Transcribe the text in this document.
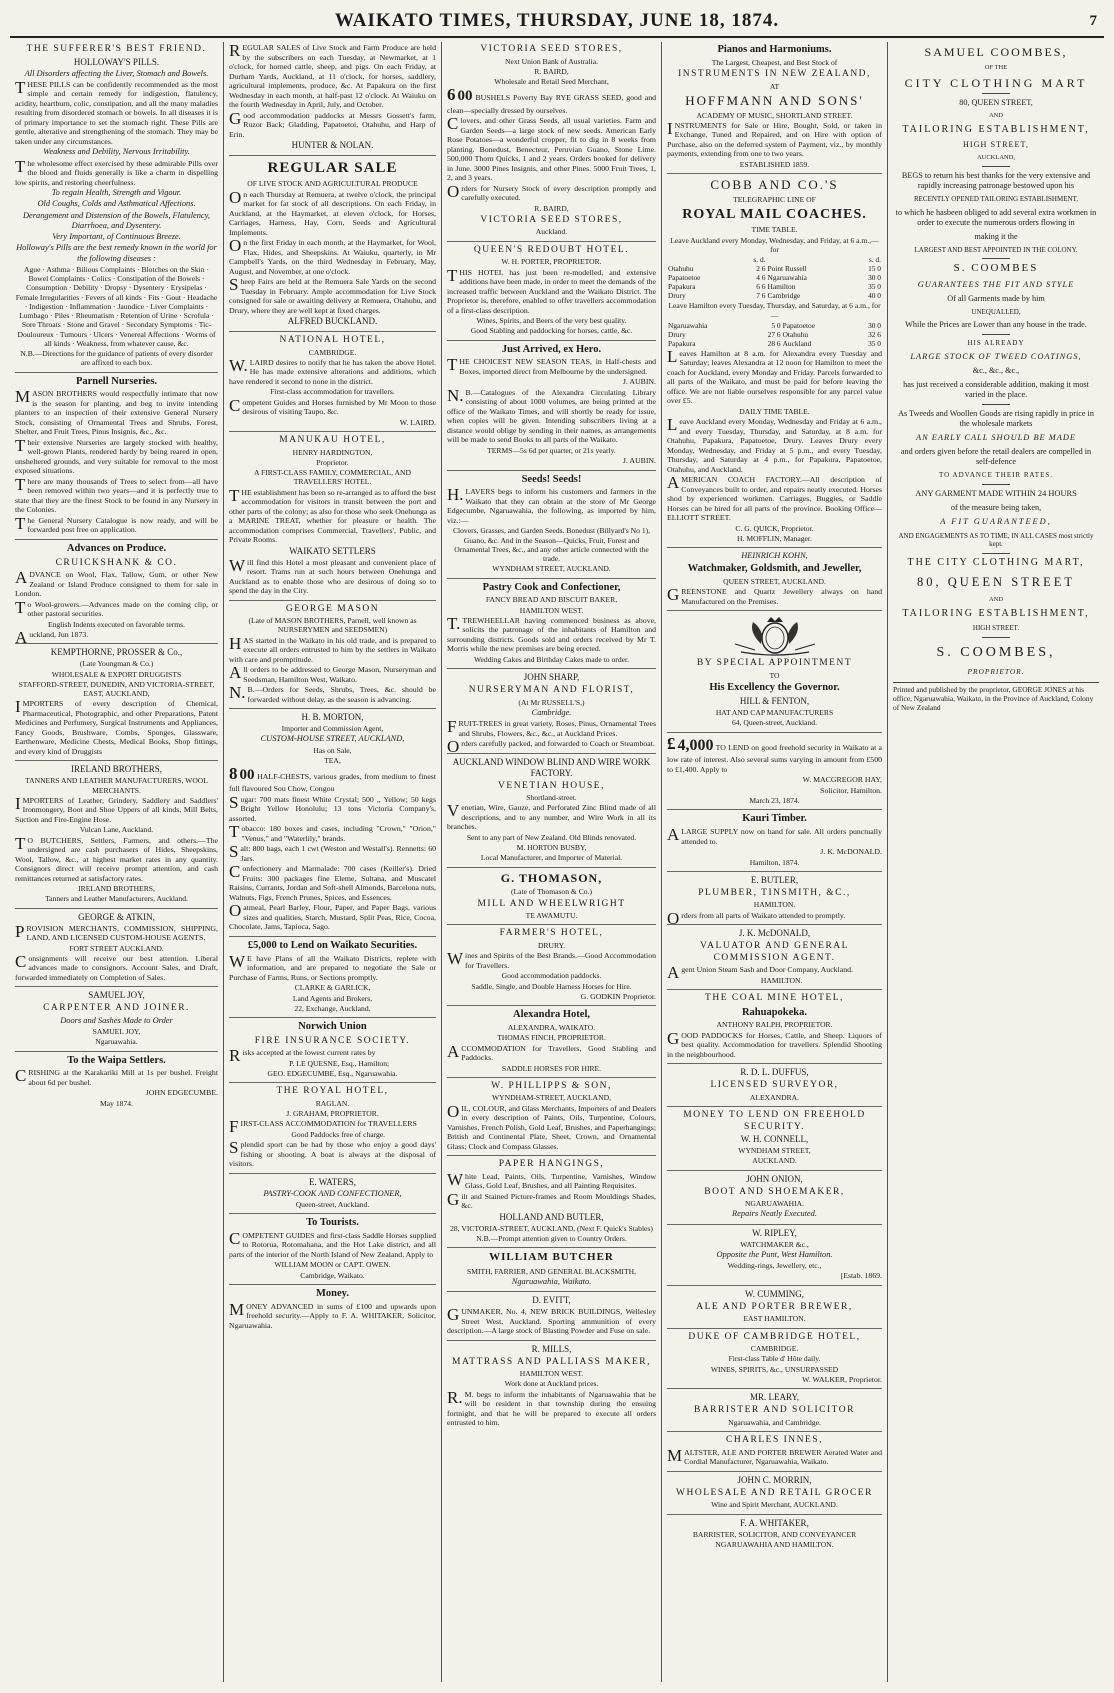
WAIKATO TIMES, THURSDAY, JUNE 18, 1874.	7
THE SUFFERER'S BEST FRIEND.
HOLLOWAY'S PILLS.
All Disorders affecting the Liver, Stomach and Bowels.
THESE PILLS can be confidently recommended as the most simple and certain remedy for indigestion, flatulency, acidity, heartburn, colic, constipation, and all the many maladies resulting from disordered stomach or bowels. In all diseases it is of primary importance to set the stomach right. These Pills are gentle, alterative and strengthening of the stomach. They may be taken under any circumstances.
Weakness and Debility, Nervous Irritability.
The wholesome effect exercised by these admirable Pills over the blood and fluids generally is like a charm in dispelling low spirits, and restoring cheerfulness.
To regain Health, Strength and Vigour.
Old Coughs, Colds and Asthmatical Affections.
Derangement and Distension of the Bowels, Flatulency, Diarrhoea, and Dysentery.
Very Important, of Continuous Breeze.
Holloway's Pills are the best remedy known in the world for the following diseases :
Ague · Asthma · Bilious Complaints · Blotches on the Skin · Bowel Complaints · Colics · Constipation of the Bowels · Consumption · Debility · Dropsy · Dysentery · Erysipelas · Female Irregularities · Fevers of all kinds · Fits · Gout · Headache · Indigestion · Inflammation · Jaundice · Liver Complaints · Lumbago · Piles · Rheumatism · Retention of Urine · Scrofula · Sore Throats · Stone and Gravel · Secondary Symptoms · Tic-Douloureux · Tumours · Ulcers · Venereal Affections · Worms of all kinds · Weakness, from whatever cause, &c.
N.B.—Directions for the guidance of patients of every disorder are affixed to each box.
Parnell Nurseries.
MASON BROTHERS would respectfully intimate that now is the season for planting, and beg to invite intending planters to an inspection of their extensive General Nursery Stock, consisting of Ornamental Trees and Shrubs, Forest, Shelter, and Fruit Trees, Pinus Insignis, &c., &c.
Their extensive Nurseries are largely stocked with healthy, well-grown Plants, rendered hardy by being reared in open, unsheltered grounds, and very suitable for removal to the most exposed situations.
There are many thousands of Trees to select from—all have been removed within two years—and it is perfectly true to state that they are the finest Stock to be found in any Nursery in the Colonies.
The General Nursery Catalogue is now ready, and will be forwarded post free on application.
Advances on Produce.
CRUICKSHANK & CO.
ADVANCE on Wool, Flax, Tallow, Gum, or other New Zealand or Island Produce consigned to them for sale in London.
To Wool-growers.—Advances made on the coming clip, or other pastoral securities.
English Indents executed on favorable terms.
Auckland, Jun 1873.
KEMPTHORNE, PROSSER & Co.,
(Late Youngman & Co.)
WHOLESALE & EXPORT DRUGGISTS
STAFFORD-STREET, DUNEDIN, AND VICTORIA-STREET, EAST, AUCKLAND,
IMPORTERS of every description of Chemical, Pharmaceutical, Photographic, and other Preparations, Patent Medicines and Perfumery, Surgical Instruments and Appliances, Fancy Goods, Brushware, Combs, Sponges, Glassware, Earthenware, Medicine Chests, Medical Books, Shop fittings, and every kind of Druggists
IRELAND BROTHERS,
TANNERS AND LEATHER MANUFACTURERS, WOOL MERCHANTS.
IMPORTERS of Leather, Grindery, Saddlery and Saddlers' Ironmongery, Boot and Shoe Uppers of all kinds, Mill Belts, Suction and Fire-Engine Hose.
Vulcan Lane, Auckland.
TO BUTCHERS, Settlers, Farmers, and others.—The undersigned are cash purchasers of Hides, Sheepskins, Wool, Tallow, &c., at highest market rates in any quantity. Consignors direct will receive prompt attention, and cash remittances returned at satisfactory rates.
IRELAND BROTHERS,
Tanners and Leather Manufacturers, Auckland.
GEORGE & ATKIN,
PROVISION MERCHANTS, COMMISSION, SHIPPING, LAND, AND LICENSED CUSTOM-HOUSE AGENTS,
FORT STREET AUCKLAND.
Consignments will receive our best attention. Liberal advances made to consignors. Account Sales, and Draft, forwarded immediately on Completion of Sales.
SAMUEL JOY,
CARPENTER AND JOINER.
Doors and Sashes Made to Order
SAMUEL JOY,
Ngaruawahia.
To the Waipa Settlers.
CRISHING at the Karakariki Mill at 1s per bushel. Freight about 6d per bushel.
JOHN EDGECUMBE.
May 1874.
REGULAR SALES of Live Stock and Farm Produce are held by the subscribers on each Tuesday, at Newmarket, at 1 o'clock, for horned cattle, sheep, and pigs. On each Friday, at Durham Yards, Auckland, at 11 o'clock, for horses, saddlery, agricultural implements, produce, &c. At Papakura on the first Wednesday in each month, at half-past 12 o'clock. At Waiuku on the fourth Wednesday in April, July, and October.
Good accommodation paddocks at Messrs Gossett's farm, Ruzor Back; Gladding, Papatoetoi, Otahuhu, and Harp of Erin.
HUNTER & NOLAN.
REGULAR SALE
OF LIVE STOCK AND AGRICULTURAL PRODUCE
On each Thursday at Remuera, at twelve o'clock, the principal market for fat stock of all descriptions. On each Friday, in Auckland, at the Haymarket, at eleven o'clock, for Horses, Carriages, Harness, Hay, Corn, Seeds and Agricultural Implements.
On the first Friday in each month, at the Haymarket, for Wool, Flax, Hides, and Sheepskins. At Waiuku, quarterly, in Mr Campbell's Yards, on the third Wednesday in February, May, August, and November, at one o'clock.
Sheep Fairs are held at the Remuera Sale Yards on the second Tuesday in February. Ample accommodation for Live Stock consigned for sale or awaiting delivery at Remuera, Otahuhu, and Drury, where they are well kept at fixed charges.
ALFRED BUCKLAND.
NATIONAL HOTEL,
CAMBRIDGE.
W.LAIRD desires to notify that he has taken the above Hotel. He has made extensive alterations and additions, which have rendered it second to none in the district.
First-class accommodation for travellers.
Competent Guides and Horses furnished by Mr Moon to those desirous of visiting Taupo, &c.
W. LAIRD.
MANUKAU HOTEL,
HENRY HARDINGTON,
Proprietor.
A FIRST-CLASS FAMILY, COMMERCIAL, AND TRAVELLERS' HOTEL.
THE establishment has been so re-arranged as to afford the best accommodation for visitors in transit between the port and other parts of the colony; as also for those who seek Onehunga as a MARINE TREAT, whether for pleasure or health. The accommodation comprises Commercial, Travellers', Public, and Private Rooms.
WAIKATO SETTLERS
Will find this Hotel a most pleasant and convenient place of resort. Trams run at such hours between Onehunga and Auckland as to enable those who are desirous of doing so to spend the day in the City.
GEORGE MASON
(Late of MASON BROTHERS, Parnell, well known as NURSERYMEN and SEEDSMEN)
HAS started in the Waikato in his old trade, and is prepared to execute all orders entrusted to him by the settlers in Waikato with care and promptitude.
All orders to be addressed to George Mason, Nurseryman and Seedsman, Hamilton West, Waikato.
N.B.—Orders for Seeds, Shrubs, Trees, &c. should be forwarded without delay, as the season is advancing.
H. B. MORTON,
Importer and Commission Agent,
CUSTOM-HOUSE STREET, AUCKLAND,
Has on Sale,
TEA,
800 HALF-CHESTS, various grades, from medium to finest full flavoured Sou Chow, Congou
Sugar: 700 mats finest White Crystal; 500 ,, Yellow; 50 kegs Bright Yellow Honolulu; 13 tons Victoria Company's, assorted.
Tobacco: 180 boxes and cases, including "Crown," "Orion," "Venus," and "Waterlily," brands.
Salt: 800 bags, each 1 cwt (Weston and Westall's). Rennetts: 60 Jars.
Confectionery and Marmalade: 700 cases (Keiller's). Dried Fruits: 300 packages fine Eleme, Sultana, and Muscatel Raisins, Currants, Jordan and Soft-shell Almonds, Barcelona nuts, Walnuts, Figs, French Prunes, Spices, and Essences.
Oatmeal, Pearl Barley, Flour, Paper, and Paper Bags, various sizes and qualities, Starch, Mustard, Split Peas, Rice, Cocoa, Chocolate, Jams, Tapioca, Sago.
£5,000 to Lend on Waikato Securities.
WE have Plans of all the Waikato Districts, replete with information, and are prepared to negotiate the Sale or Purchase of Farms, Runs, or Sections promptly.
CLARKE & GARLICK,
Land Agents and Brokers,
22, Exchange, Auckland.
Norwich Union
FIRE INSURANCE SOCIETY.
Risks accepted at the lowest current rates by
P. LE QUESNE, Esq., Hamilton;
GEO. EDGECUMBE, Esq., Ngaruawahia.
THE ROYAL HOTEL,
RAGLAN.
J. GRAHAM, PROPRIETOR.
FIRST-CLASS ACCOMMODATION for TRAVELLERS
Good Paddocks free of charge.
Splendid sport can be had by those who enjoy a good days' fishing or shooting. A boat is always at the disposal of visitors.
E. WATERS,
PASTRY-COOK AND CONFECTIONER,
Queen-street, Auckland.
To Tourists.
COMPETENT GUIDES and first-class Saddle Horses supplied to Rotorua, Rotomahana, and the Hot Lake district, and all parts of the interior of the North Island of New Zealand. Apply to
WILLIAM MOON or CAPT. OWEN.
Cambridge, Waikato.
Money.
MONEY ADVANCED in sums of £100 and upwards upon freehold security.—Apply to F. A. WHITAKER, Solicitor, Ngaruawahia.
VICTORIA SEED STORES,
Next Union Bank of Australia.
R. BAIRD,
Wholesale and Retail Seed Merchant,
600 BUSHELS Poverty Bay RYE GRASS SEED, good and clean—specially dressed by ourselves.
Clovers, and other Grass Seeds, all usual varieties. Farm and Garden Seeds—a large stock of new seeds. American Early Rose Potatoes—a wonderful cropper, fit to dig in 8 weeks from planting. Bonedust, Benecteur, Peruvian Guano, Stone Lime. 500,000 Thorn Quicks, 1 and 2 years. Orders booked for delivery in June. 3000 Pines Insignis, and other Pines. 5000 Fruit Trees, 1, 2, and 3 years.
Orders for Nursery Stock of every description promptly and carefully executed.
R. BAIRD,
VICTORIA SEED STORES,
Auckland.
QUEEN'S REDOUBT HOTEL.
W. H. PORTER, PROPRIETOR.
THIS HOTEL has just been re-modelled, and extensive additions have been made, in order to meet the demands of the increased traffic between Auckland and the Waikato District. The Proprietor is, therefore, enabled to offer travellers accommodation of a first-class description.
Wines, Spirits, and Beers of the very best quality.
Good Stabling and paddocking for horses, cattle, &c.
Just Arrived, ex Hero.
THE CHOICEST NEW SEASON TEAS, in Half-chests and Boxes, imported direct from Melbourne by the undersigned.
J. AUBIN.
N.B.—Catalogues of the Alexandra Circulating Library consisting of about 1000 volumes, are being printed at the office of the Waikato Times, and will shortly be ready for issue, when copies will be given. Intending subscribers living at a distance would oblige by sending in their names, as arrangements will be made to send Books to all parts of the Waikato.
TERMS—5s 6d per quarter, or 21s yearly.
J. AUBIN.
Seeds! Seeds!
H.LAVERS begs to inform his customers and farmers in the Waikato that they can obtain at the store of Mr George Edgecumbe, Ngaruawahia, the following, as imported by him, viz.:—
Clovers, Grasses, and Garden Seeds. Bonedust (Billyard's No 1), Guano, &c. And in the Season—Quicks, Fruit, Forest and Ornamental Trees, &c., and any other article connected with the trade.
WYNDHAM STREET, AUCKLAND.
Pastry Cook and Confectioner,
FANCY BREAD AND BISCUIT BAKER,
HAMILTON WEST.
T.TREWHEELLAR having commenced business as above, solicits the patronage of the inhabitants of Hamilton and surrounding districts. Goods sold and orders received by Mr T. Morris while the new premises are being erected.
Wedding Cakes and Birthday Cakes made to order.
JOHN SHARP,
NURSERYMAN AND FLORIST,
(At Mr RUSSELL'S,)
Cambridge.
FRUIT-TREES in great variety, Roses, Pinus, Ornamental Trees and Shrubs, Flowers, &c., &c., at Auckland Prices.
Orders carefully packed, and forwarded to Coach or Steamboat.
AUCKLAND WINDOW BLIND AND WIRE WORK FACTORY.
VENETIAN HOUSE,
Shortland-street.
Venetian, Wire, Gauze, and Perforated Zinc Blind made of all descriptions, and to any number, and Wire Work in all its branches.
Sent to any part of New Zealand. Old Blinds renovated.
M. HORTON BUSBY,
Local Manufacturer, and Importer of Material.
G. THOMASON,
(Late of Thomason & Co.)
MILL AND WHEELWRIGHT
TE AWAMUTU.
FARMER'S HOTEL,
DRURY.
Wines and Spirits of the Best Brands.—Good Accommodation for Travellers.
Good accommodation paddocks.
Saddle, Single, and Double Harness Horses for Hire.
G. GODKIN Proprietor.
Alexandra Hotel,
ALEXANDRA, WAIKATO.
THOMAS FINCH, PROPRIETOR.
ACCOMMODATION for Travellers, Good Stabling and Paddocks.
SADDLE HORSES FOR HIRE.
W. PHILLIPPS & SON,
WYNDHAM-STREET, AUCKLAND,
OIL, COLOUR, and Glass Merchants, Importers of and Dealers in every description of Paints, Oils, Turpentine, Colours, Varnishes, French Polish, Gold Leaf, Brushes, and Paperhangings; British and Continental Plate, Sheet, Crown, and Ornamental Glass; Clock and Compass Glasses.
PAPER HANGINGS,
White Lead, Paints, Oils, Turpentine, Varnishes, Window Glass, Gold Leaf, Brushes, and all Painting Requisites.
Gilt and Stained Picture-frames and Room Mouldings Shades, &c.
HOLLAND AND BUTLER,
28, VICTORIA-STREET, AUCKLAND, (Next F. Quick's Stables)
N.B.—Prompt attention given to Country Orders.
WILLIAM BUTCHER
SMITH, FARRIER, AND GENERAL BLACKSMITH,
Ngaruawahia, Waikato.
D. EVITT,
GUNMAKER, No. 4, NEW BRICK BUILDINGS, Wellesley Street West, Auckland. Sporting ammunition of every description.—A large stock of Blasting Powder and Fuse on sale.
R. MILLS,
MATTRASS AND PALLIASS MAKER,
HAMILTON WEST.
Work done at Auckland prices.
R.M. begs to inform the inhabitants of Ngaruawahia that he will be resident in that township during the ensuing fortnight, and that he will be prepared to execute all orders entrusted to him.
Pianos and Harmoniums.
The Largest, Cheapest, and Best Stock of
INSTRUMENTS IN NEW ZEALAND,
AT
HOFFMANN AND SONS'
ACADEMY OF MUSIC, SHORTLAND STREET.
INSTRUMENTS for Sale or Hire, Bought, Sold, or taken in Exchange, Tuned and Repaired, and on Hire with option of Purchase, also on the deferred system of Payment, viz., by monthly payments, extending from one to two years.
ESTABLISHED 1859.
COBB AND CO.'S
TELEGRAPHIC LINE OF
ROYAL MAIL COACHES.
TIME TABLE.
Leave Auckland every Monday, Wednesday, and Friday, at 6 a.m.,—for
	s. d.		s. d.
Otahuhu	2 6	Point Russell	15 0
Papatoetoe	4 6	Ngaruawahia	30 0
Papakura	6 6	Hamilton	35 0
Drury	7 6	Cambridge	40 0
Leave Hamilton every Tuesday, Thursday, and Saturday, at 6 a.m., for—
Ngaruawahia	5 0	Papatoetoe	30 0
Drury	27 6	Otahuhu	32 6
Papakura	28 6	Auckland	35 0
Leaves Hamilton at 8 a.m. for Alexandra every Tuesday and Saturday; leaves Alexandra at 12 noon for Hamilton to meet the coach for Auckland, every Monday and Friday. Parcels forwarded to all parts of the Waikato, and must be paid for before leaving the office. We are not liable ourselves responsible for any parcel value over £5.
DAILY TIME TABLE.
Leave Auckland every Monday, Wednesday and Friday at 6 a.m., and every Tuesday, Thursday, and Saturday, at 8 a.m. for Otahuhu, Papakura, Papatoetoe, Drury. Leaves Drury every Monday, Wednesday, and Friday at 5 p.m., and every Tuesday, Thursday, and Saturday at 4 p.m., for Papakura, Papatoetoe, Otahuhu, and Auckland.
AMERICAN COACH FACTORY.—All description of Conveyances built to order, and repairs neatly executed. Horses shod by experienced workmen. Carriages, Buggies, or Saddle Horses can be hired for all parts of the province. Booking Office—ELLIOTT STREET.
C. G. QUICK, Proprietor.
H. MOFFLIN, Manager.
HEINRICH KOHN,
Watchmaker, Goldsmith, and Jeweller,
QUEEN STREET, AUCKLAND.
GREENSTONE and Quartz Jewellery always on hand Manufactured on the Premises.
BY SPECIAL APPOINTMENT
TO
His Excellency the Governor.
HILL & FENTON,
HAT AND CAP MANUFACTURERS
64, Queen-street, Auckland.
£4,000 TO LEND on good freehold security in Waikato at a low rate of interest. Also several sums varying in amount from £500 to £1,400. Apply to
W. MACGREGOR HAY,
Solicitor, Hamilton.
March 23, 1874.
Kauri Timber.
ALARGE SUPPLY now on hand for sale. All orders punctually attended to.
J. K. McDONALD.
Hamilton, 1874.
E. BUTLER,
PLUMBER, TINSMITH, &C.,
HAMILTON.
Orders from all parts of Waikato attended to promptly.
J. K. McDONALD,
VALUATOR AND GENERAL COMMISSION AGENT.
Agent Union Steam Sash and Door Company, Auckland.
HAMILTON.
THE COAL MINE HOTEL,
Rahuapokeka.
ANTHONY RALPH, PROPRIETOR.
GOOD PADDOCKS for Horses, Cattle, and Sheep. Liquors of best quality. Accommodation for travellers. Splendid Shooting in the neighbourhood.
R. D. L. DUFFUS,
LICENSED SURVEYOR,
ALEXANDRA.
MONEY TO LEND ON FREEHOLD SECURITY.
W. H. CONNELL,
WYNDHAM STREET,
AUCKLAND.
JOHN ONION,
BOOT AND SHOEMAKER,
NGARUAWAHIA.
Repairs Neatly Executed.
W. RIPLEY,
WATCHMAKER &c.,
Opposite the Punt, West Hamilton.
Wedding-rings, Jewellery, etc.,
[Estab. 1869.
W. CUMMING,
ALE AND PORTER BREWER,
EAST HAMILTON.
DUKE OF CAMBRIDGE HOTEL,
CAMBRIDGE.
First-class Table d' Hôte daily.
WINES, SPIRITS, &c., UNSURPASSED
W. WALKER, Proprietor.
MR. LEARY,
BARRISTER AND SOLICITOR
Ngaruawahia, and Cambridge.
CHARLES INNES,
MALTSTER, ALE AND PORTER BREWER Aerated Water and Cordial Manufacturer, Ngaruawahia, Waikato.
JOHN C. MORRIN,
WHOLESALE AND RETAIL GROCER
Wine and Spirit Merchant, AUCKLAND.
F. A. WHITAKER,
BARRISTER, SOLICITOR, AND CONVEYANCER
NGARUAWAHIA AND HAMILTON.
SAMUEL COOMBES,
OF THE
CITY CLOTHING MART
80, QUEEN STREET,
AND
TAILORING ESTABLISHMENT,
HIGH STREET,
AUCKLAND,
BEGS to return his best thanks for the very extensive and rapidly increasing patronage bestowed upon his
RECENTLY OPENED TAILORING ESTABLISHMENT,
to which he hasbeen obliged to add several extra workmen in order to execute the numerous orders flowing in
making it the
LARGEST AND BEST APPOINTED IN THE COLONY.
S. COOMBES
GUARANTEES THE FIT AND STYLE
Of all Garments made by him
UNEQUALLED,
While the Prices are Lower than any house in the trade.
HIS ALREADY
LARGE STOCK OF TWEED COATINGS,
&c., &c., &c.,
has just received a considerable addition, making it most varied in the place.
As Tweeds and Woollen Goods are rising rapidly in price in the wholesale markets
AN EARLY CALL SHOULD BE MADE
and orders given before the retail dealers are compelled in self-defence
TO ADVANCE THEIR RATES.
ANY GARMENT MADE WITHIN 24 HOURS
of the measure being taken,
A FIT GUARANTEED,
AND ENGAGEMENTS AS TO TIME, IN ALL CASES most strictly kept.
THE CITY CLOTHING MART,
80, QUEEN STREET
AND
TAILORING ESTABLISHMENT,
HIGH STREET.
S. COOMBES,
PROPRIETOR.
Printed and published by the proprietor, GEORGE JONES at his office, Ngaruawahia, Waikato, in the Province of Auckland, Colony of New Zealand
